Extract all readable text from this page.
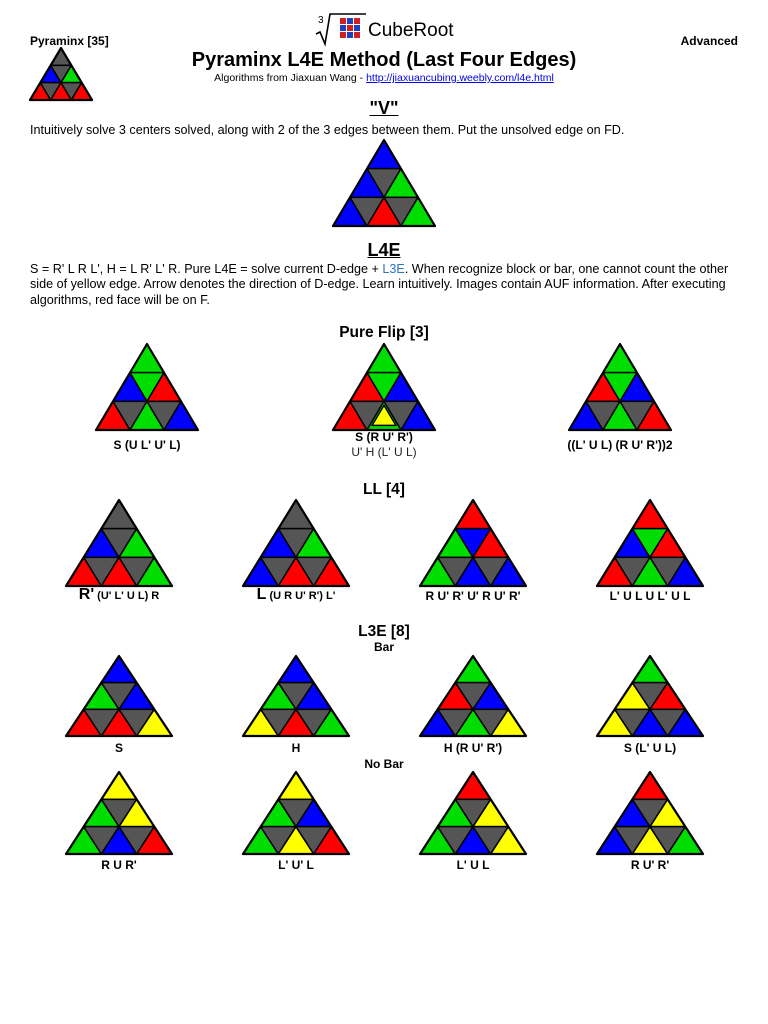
Pyraminx [35]	Advanced
3 CubeRoot
Pyraminx L4E Method (Last Four Edges)
Algorithms from Jiaxuan Wang - http://jiaxuancubing.weebly.com/l4e.html
"V"
Intuitively solve 3 centers solved, along with 2 of the 3 edges between them. Put the unsolved edge on FD.
L4E
S = R' L R L', H = L R' L' R. Pure L4E = solve current D-edge + L3E. When recognize block or bar, one cannot count the other side of yellow edge. Arrow denotes the direction of D-edge. Learn intuitively. Images contain AUF information. After executing algorithms, red face will be on F.
Pure Flip [3]
S (U L' U' L)
S (R U' R')
U' H (L' U L)	((L' U L) (R U' R'))2
LL [4]
R' (U' L' U L) R	L (U R U' R') L'	R U' R' U' R U' R'	L' U L U L' U L
L3E [8]
Bar
S	H	H (R U' R')	S (L' U L)
No Bar
R U R'	L' U' L	L' U L	R U' R'
